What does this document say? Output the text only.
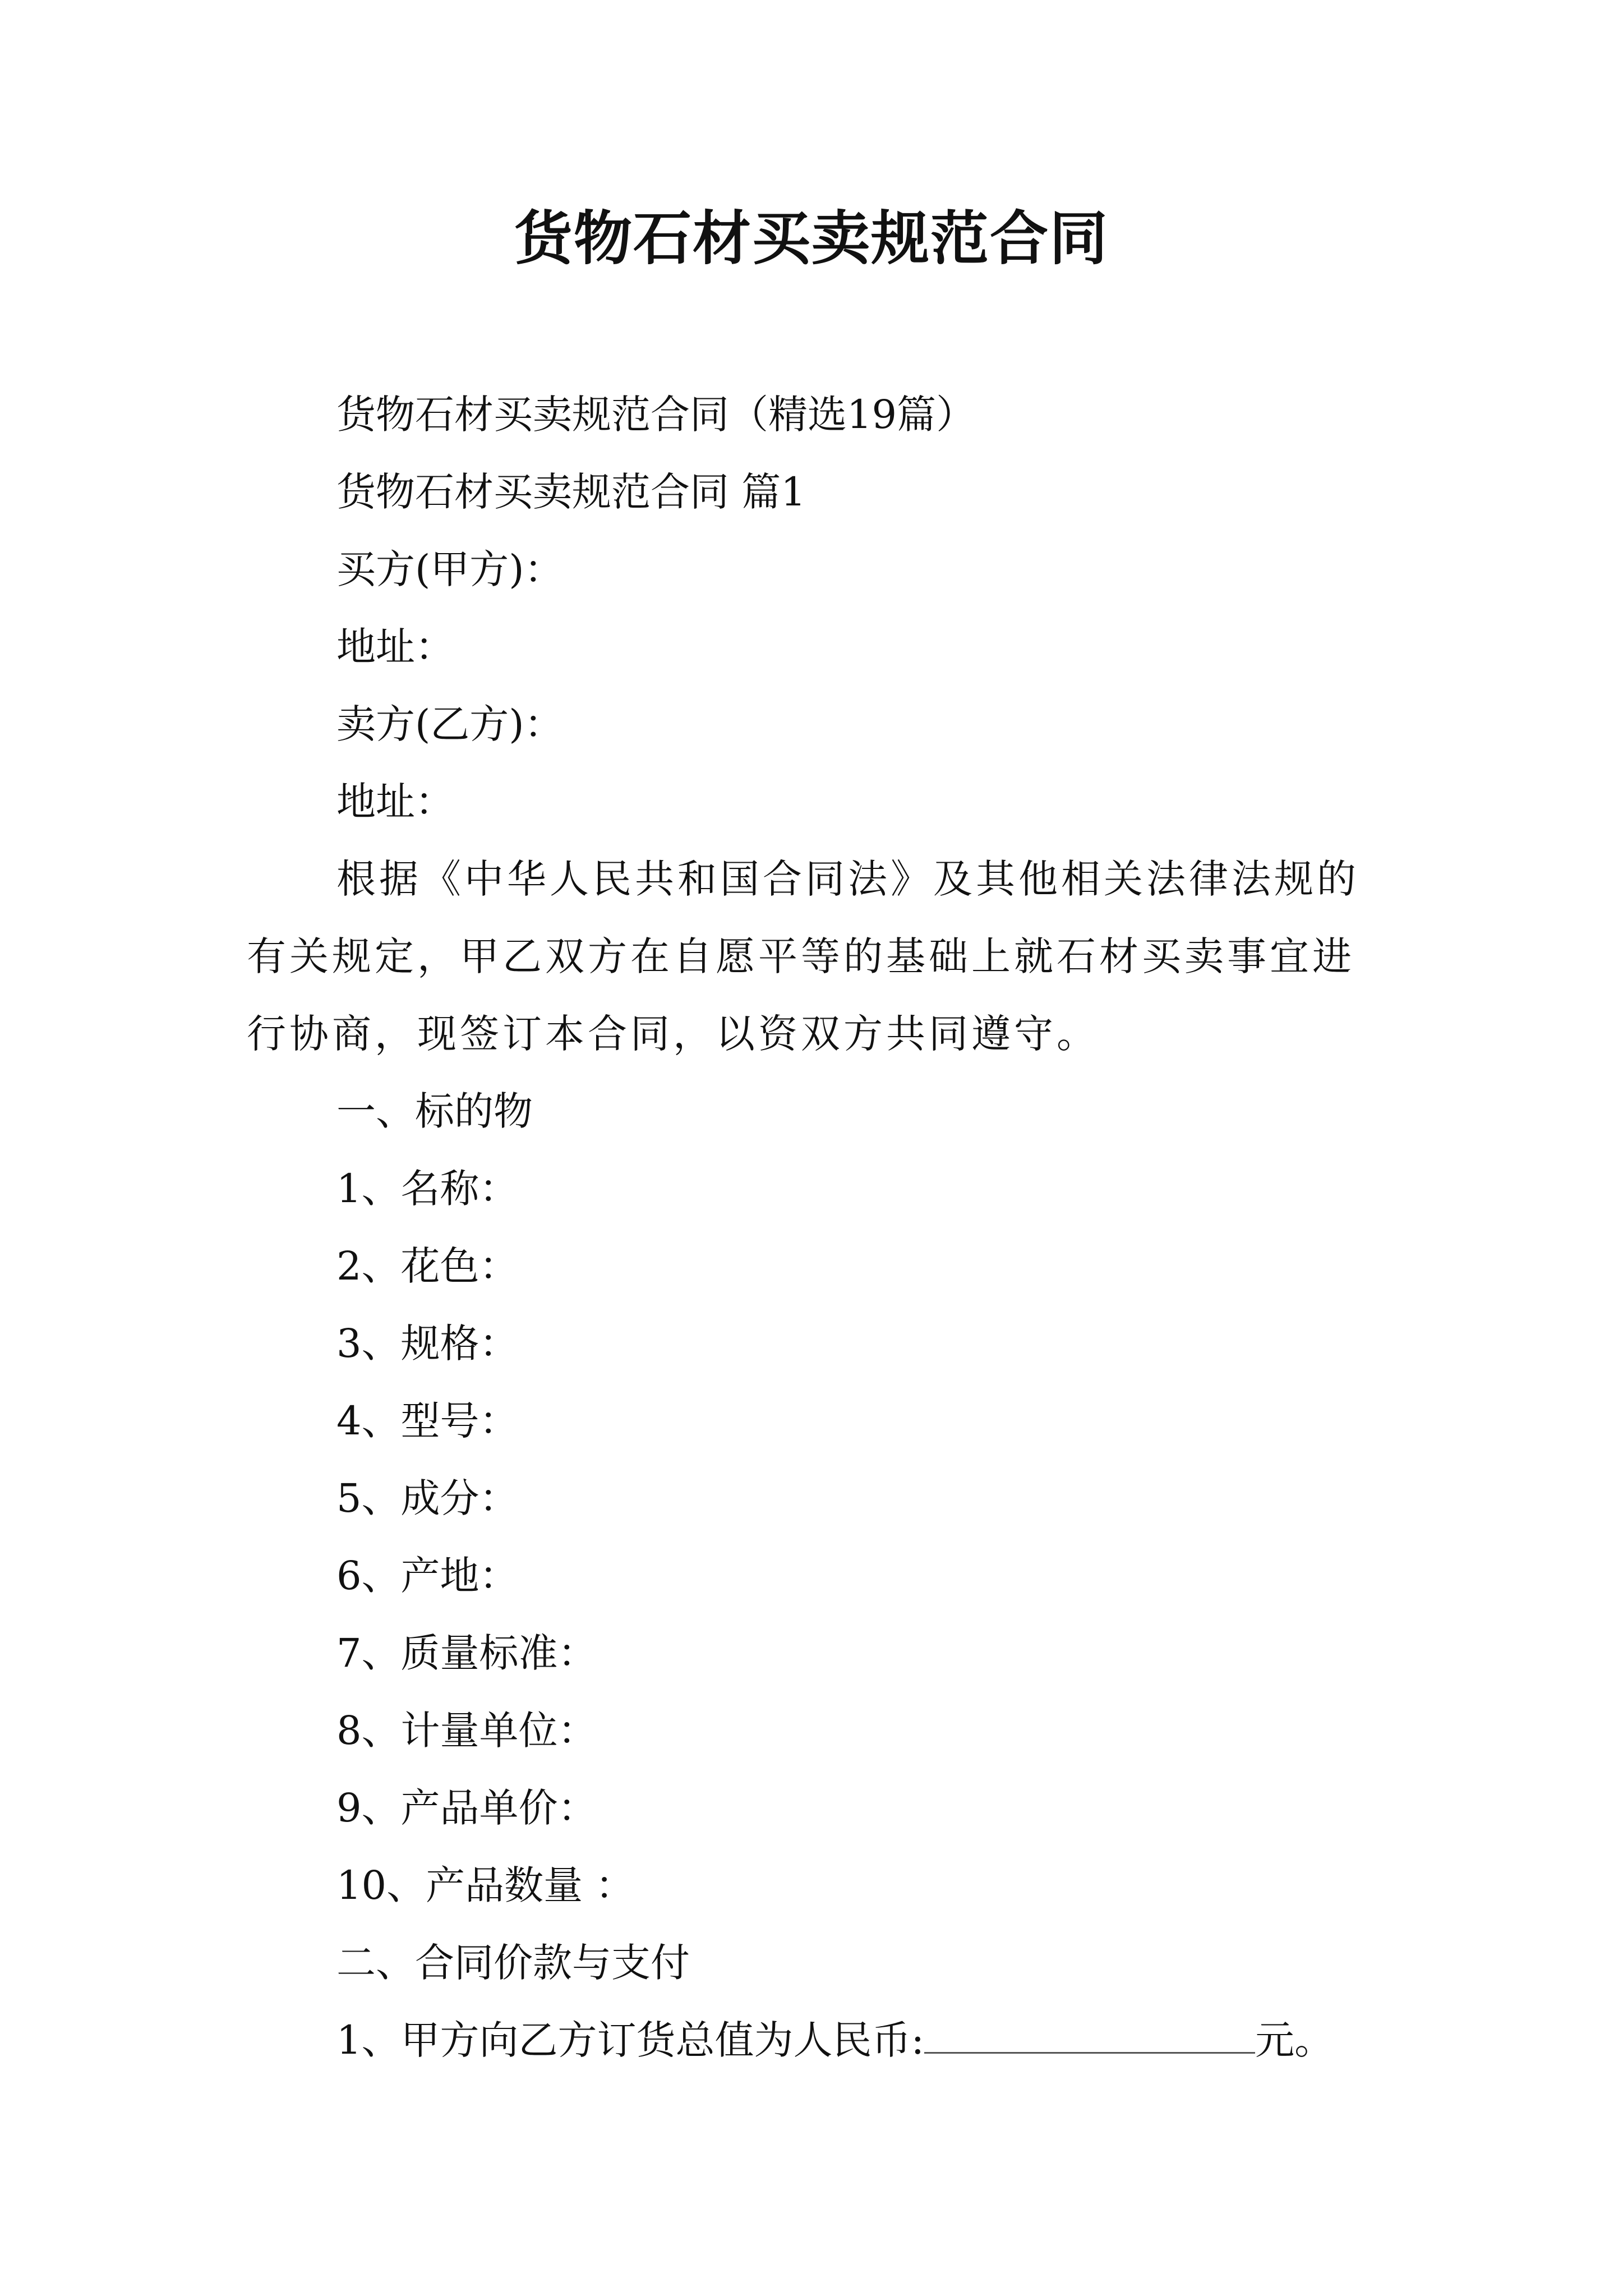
货物石材买卖规范合同

货物石材买卖规范合同（精选19篇）

货物石材买卖规范合同 篇1

买方(甲方)：

地址：

卖方(乙方)：

地址：

根据《中华人民共和国合同法》及其他相关法律法规的有关规定，甲乙双方在自愿平等的基础上就石材买卖事宜进行协商，现签订本合同，以资双方共同遵守。

一、标的物

1、名称：

2、花色：

3、规格：

4、型号：

5、成分：

6、产地：

7、质量标准：

8、计量单位：

9、产品单价：

10、产品数量 ：

二、合同价款与支付

1、甲方向乙方订货总值为人民币:	元。
